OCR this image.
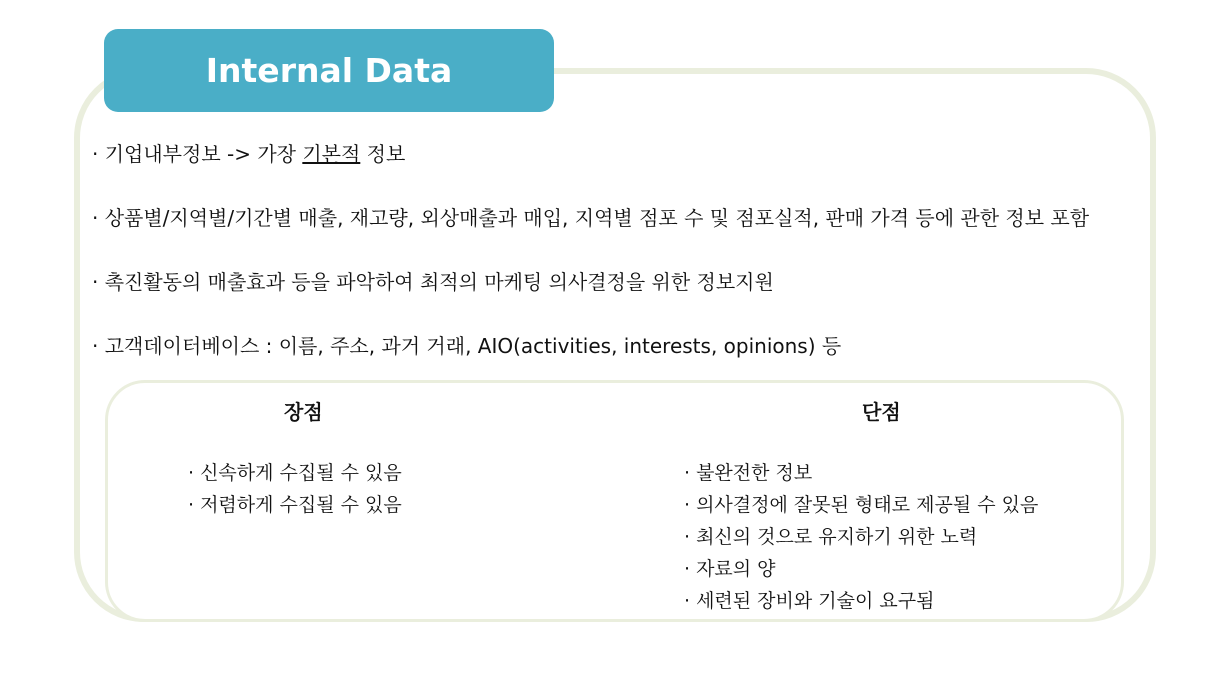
Internal Data
· 기업내부정보 -> 가장 기본적 정보
· 상품별/지역별/기간별 매출, 재고량, 외상매출과 매입, 지역별 점포 수 및 점포실적, 판매 가격 등에 관한 정보 포함
· 촉진활동의 매출효과 등을 파악하여 최적의 마케팅 의사결정을 위한 정보지원
· 고객데이터베이스 : 이름, 주소, 과거 거래, AIO(activities, interests, opinions) 등
장점	단점
· 신속하게 수집될 수 있음
· 저렴하게 수집될 수 있음
· 불완전한 정보
· 의사결정에 잘못된 형태로 제공될 수 있음
· 최신의 것으로 유지하기 위한 노력
· 자료의 양
· 세련된 장비와 기술이 요구됨
